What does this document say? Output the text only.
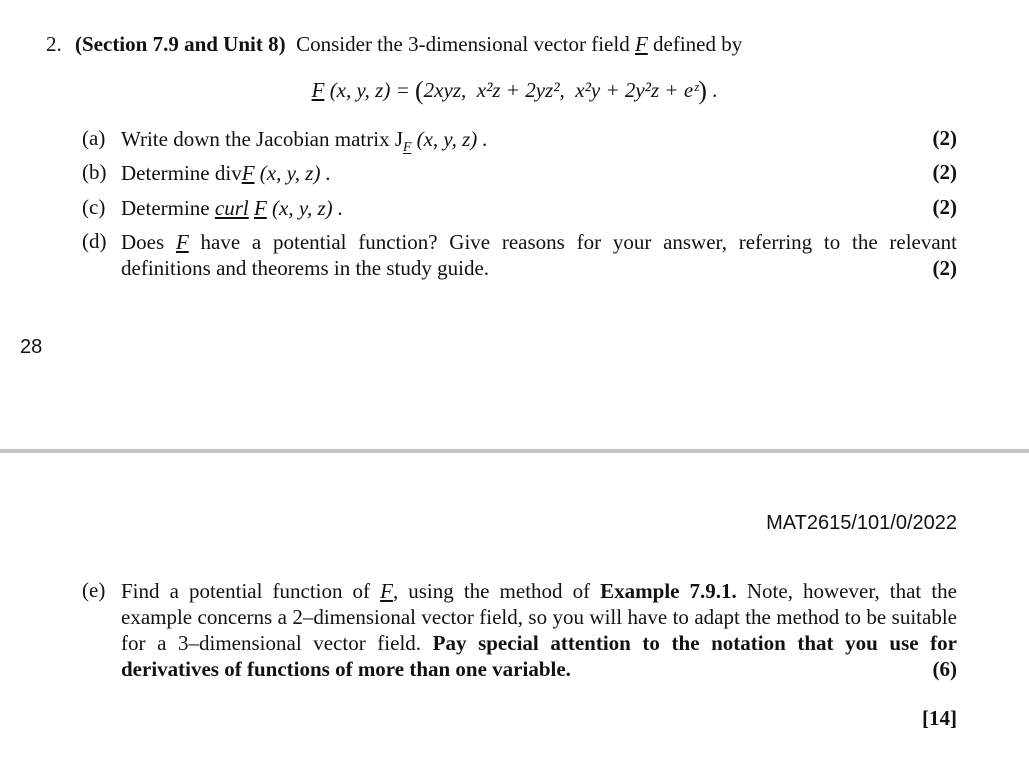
2. (Section 7.9 and Unit 8) Consider the 3-dimensional vector field F defined by
F (x, y, z) = (2xyz, x²z + 2yz², x²y + 2y²z + eᶻ) .
(a) Write down the Jacobian matrix $J_F$ (x, y, z) .	(2)
(b) Determine divF (x, y, z) .	(2)
(c) Determine curl F (x, y, z) .	(2)
(d) Does F have a potential function? Give reasons for your answer, referring to the relevant definitions and theorems in the study guide.	(2)
28
MAT2615/101/0/2022
(e) Find a potential function of F, using the method of Example 7.9.1. Note, however, that the example concerns a 2–dimensional vector field, so you will have to adapt the method to be suitable for a 3–dimensional vector field. Pay special attention to the notation that you use for derivatives of functions of more than one variable.	(6)
[14]
